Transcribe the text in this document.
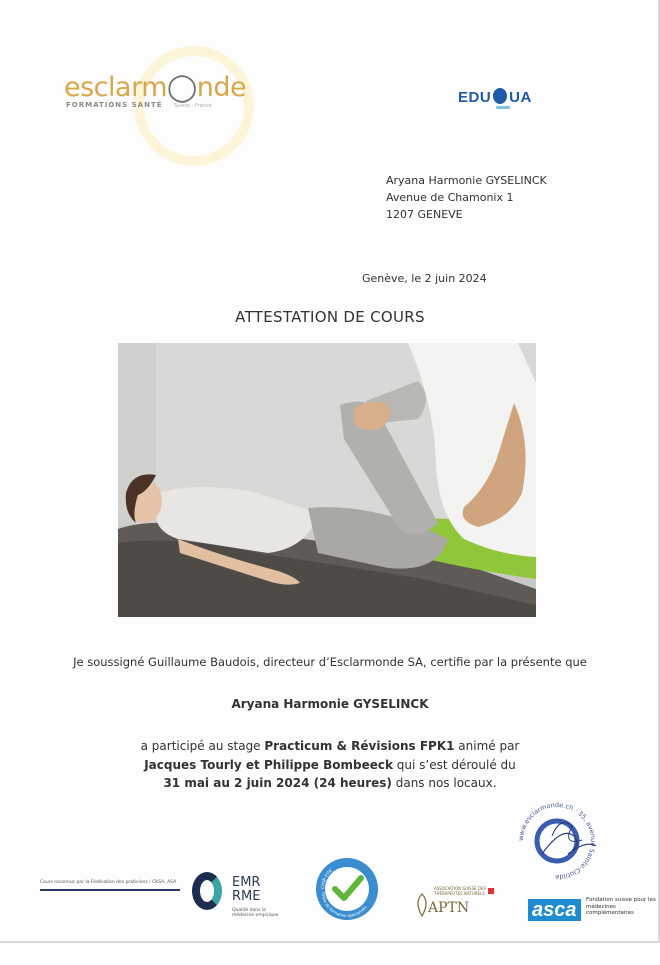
esclarm◯nde
FORMATIONS SANTÉ Suisse - France	EDU UA
Aryana Harmonie GYSELINCK
Avenue de Chamonix 1
1207 GENEVE
Genève, le 2 juin 2024
ATTESTATION DE COURS
Je soussigné Guillaume Baudois, directeur d’Esclarmonde SA, certifie par la présente que
Aryana Harmonie GYSELINCK
a participé au stage Practicum & Révisions FPK1 animé par
Jacques Tourly et Philippe Bombeeck qui s’est déroulé du
31 mai au 2 juin 2024 (24 heures) dans nos locaux.
www.esclarmonde.ch · 35, avenue Sainte-Clotilde
Cours reconnus par la Fédération des praticiens / CKSA, ASA	EMR
RME
Qualité dans la médecine empirique
CHIP-FPK
Ordre de formation spécialisée
ASSOCIATION SUISSE DES THÉRAPEUTES NATURELS
APTN	asca	Fondation suisse pour les médecines complémentaires
